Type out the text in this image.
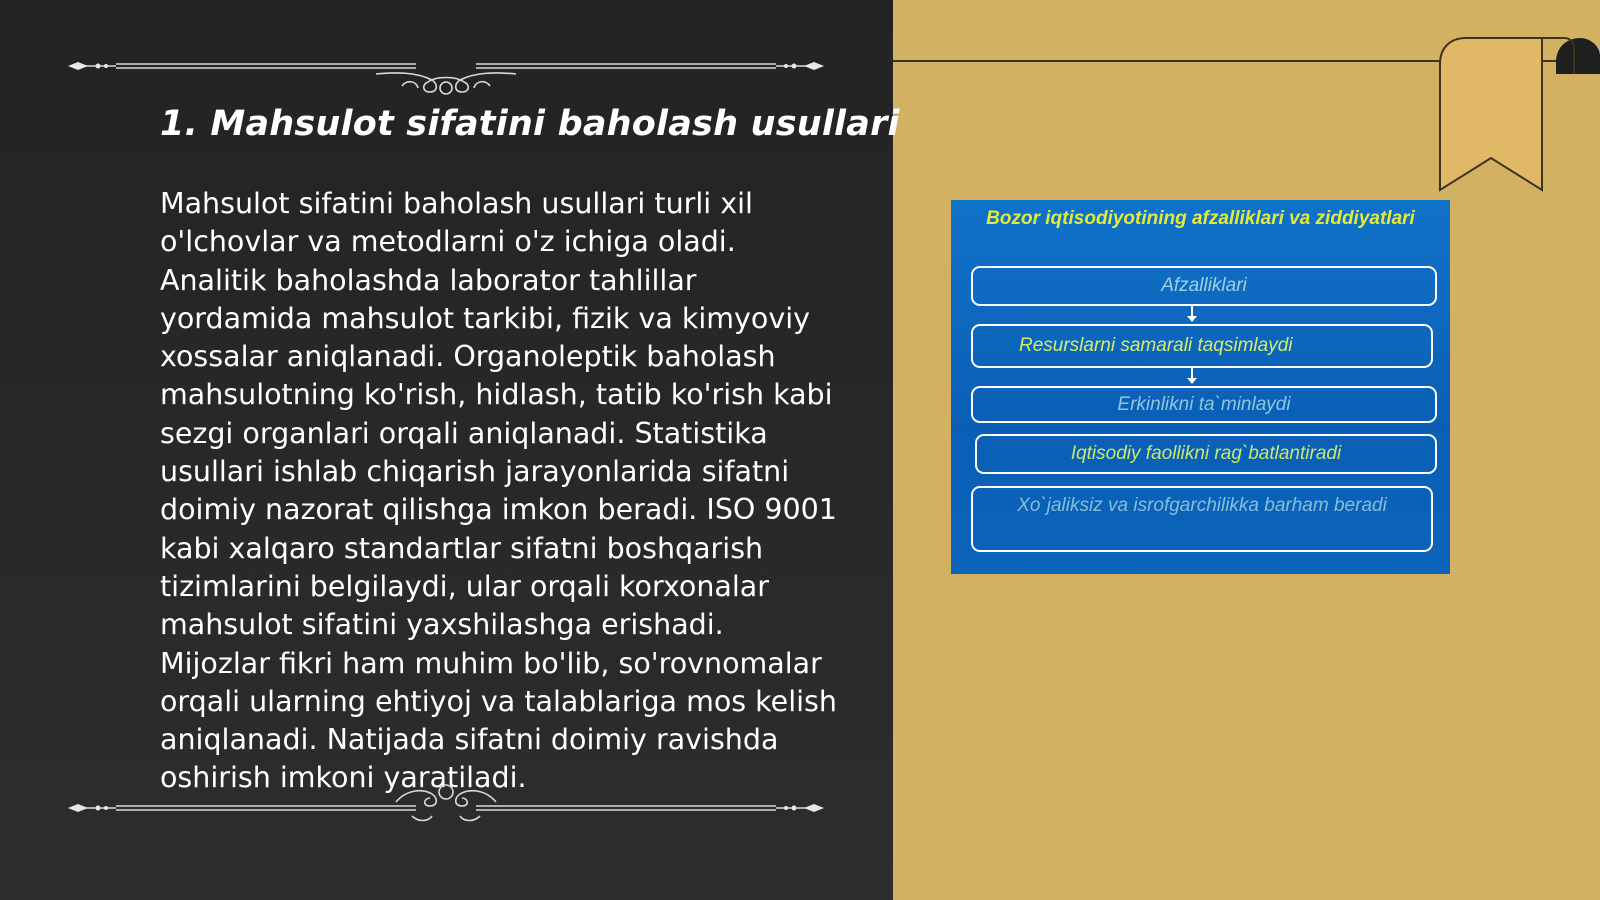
1. Mahsulot sifatini baholash usullari

Mahsulot sifatini baholash usullari turli xil o'lchovlar va metodlarni o'z ichiga oladi. Analitik baholashda laborator tahlillar yordamida mahsulot tarkibi, fizik va kimyoviy xossalar aniqlanadi. Organoleptik baholash mahsulotning ko'rish, hidlash, tatib ko'rish kabi sezgi organlari orqali aniqlanadi. Statistika usullari ishlab chiqarish jarayonlarida sifatni doimiy nazorat qilishga imkon beradi. ISO 9001 kabi xalqaro standartlar sifatni boshqarish tizimlarini belgilaydi, ular orqali korxonalar mahsulot sifatini yaxshilashga erishadi. Mijozlar fikri ham muhim bo'lib, so'rovnomalar orqali ularning ehtiyoj va talablariga mos kelish aniqlanadi. Natijada sifatni doimiy ravishda oshirish imkoni yaratiladi.

Bozor iqtisodiyotining afzalliklari va ziddiyatlari

Afzalliklari
Resurslarni samarali taqsimlaydi
Erkinlikni ta`minlaydi
Iqtisodiy faollikni rag`batlantiradi
Xo`jaliksiz va isrofgarchilikka barham beradi
